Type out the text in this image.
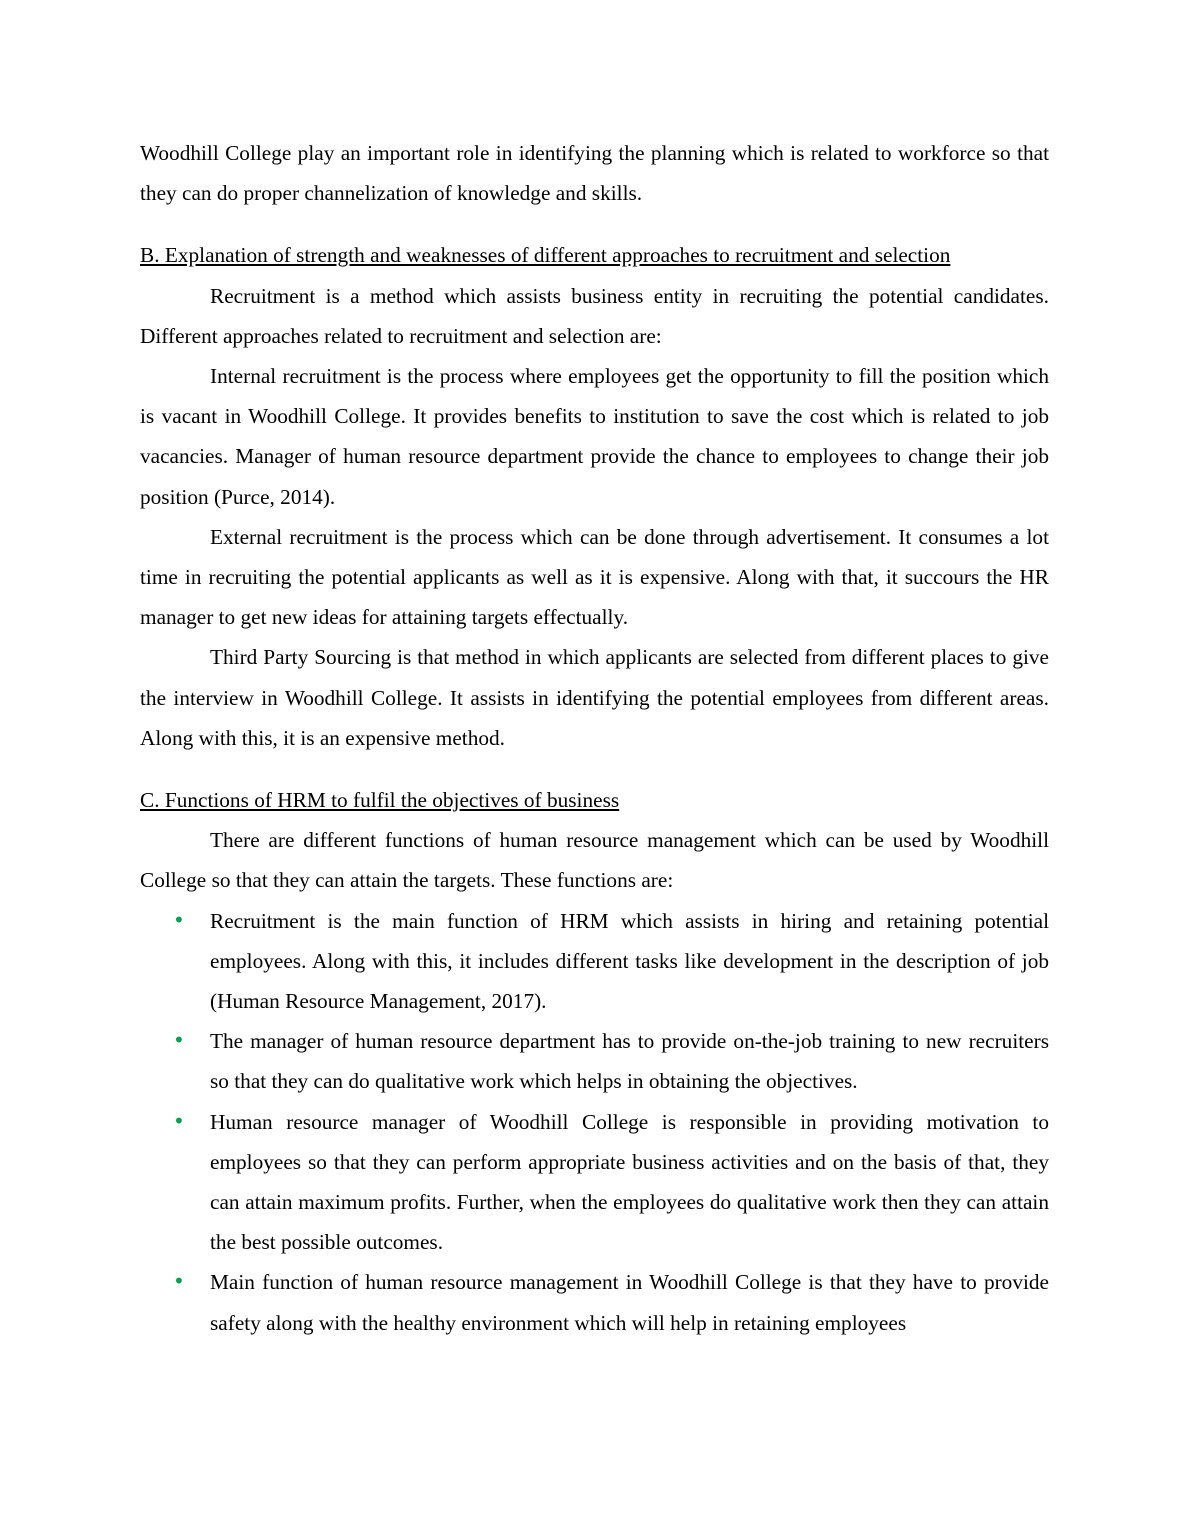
Woodhill College play an important role in identifying the planning which is related to workforce so that they can do proper channelization of knowledge and skills.

B. Explanation of strength and weaknesses of different approaches to recruitment and selection

Recruitment is a method which assists business entity in recruiting the potential candidates. Different approaches related to recruitment and selection are:

Internal recruitment is the process where employees get the opportunity to fill the position which is vacant in Woodhill College. It provides benefits to institution to save the cost which is related to job vacancies. Manager of human resource department provide the chance to employees to change their job position (Purce, 2014).

External recruitment is the process which can be done through advertisement. It consumes a lot time in recruiting the potential applicants as well as it is expensive. Along with that, it succours the HR manager to get new ideas for attaining targets effectually.

Third Party Sourcing is that method in which applicants are selected from different places to give the interview in Woodhill College. It assists in identifying the potential employees from different areas. Along with this, it is an expensive method.

C. Functions of HRM to fulfil the objectives of business

There are different functions of human resource management which can be used by Woodhill College so that they can attain the targets. These functions are:

• Recruitment is the main function of HRM which assists in hiring and retaining potential employees. Along with this, it includes different tasks like development in the description of job (Human Resource Management, 2017).
• The manager of human resource department has to provide on-the-job training to new recruiters so that they can do qualitative work which helps in obtaining the objectives.
• Human resource manager of Woodhill College is responsible in providing motivation to employees so that they can perform appropriate business activities and on the basis of that, they can attain maximum profits. Further, when the employees do qualitative work then they can attain the best possible outcomes.
• Main function of human resource management in Woodhill College is that they have to provide safety along with the healthy environment which will help in retaining employees
